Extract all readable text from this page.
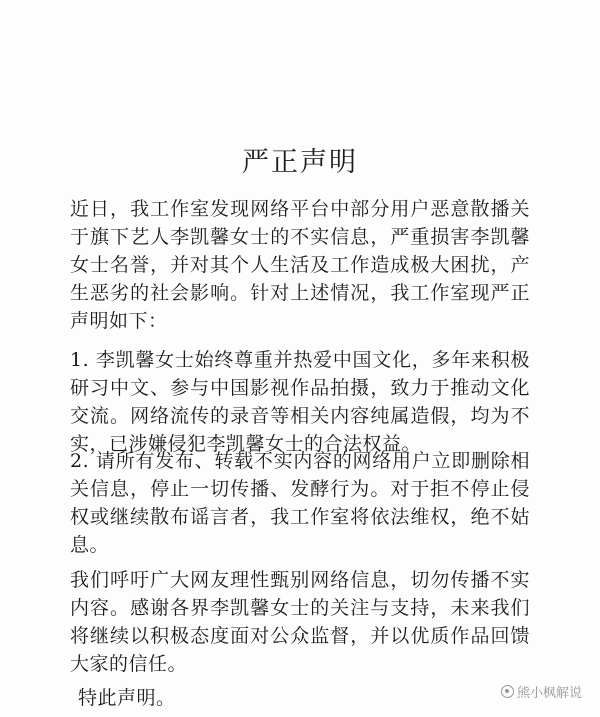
严正声明

近日，我工作室发现网络平台中部分用户恶意散播关于旗下艺人李凯馨女士的不实信息，严重损害李凯馨女士名誉，并对其个人生活及工作造成极大困扰，产生恶劣的社会影响。针对上述情况，我工作室现严正声明如下：

1. 李凯馨女士始终尊重并热爱中国文化，多年来积极研习中文、参与中国影视作品拍摄，致力于推动文化交流。网络流传的录音等相关内容纯属造假，均为不实，已涉嫌侵犯李凯馨女士的合法权益。

2. 请所有发布、转载不实内容的网络用户立即删除相关信息，停止一切传播、发酵行为。对于拒不停止侵权或继续散布谣言者，我工作室将依法维权，绝不姑息。

我们呼吁广大网友理性甄别网络信息，切勿传播不实内容。感谢各界李凯馨女士的关注与支持，未来我们将继续以积极态度面对公众监督，并以优质作品回馈大家的信任。

特此声明。	熊小枫解说
